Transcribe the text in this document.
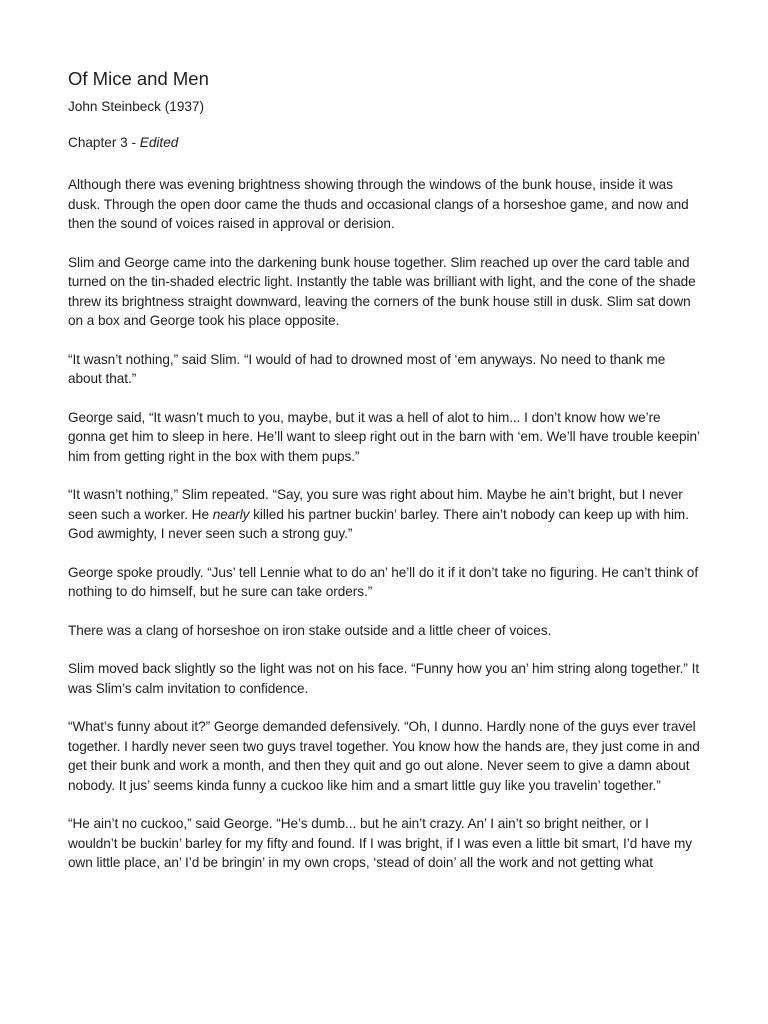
Of Mice and Men

John Steinbeck (1937)

Chapter 3 - Edited

Although there was evening brightness showing through the windows of the bunk house, inside it was dusk. Through the open door came the thuds and occasional clangs of a horseshoe game, and now and then the sound of voices raised in approval or derision.

Slim and George came into the darkening bunk house together. Slim reached up over the card table and turned on the tin-shaded electric light. Instantly the table was brilliant with light, and the cone of the shade threw its brightness straight downward, leaving the corners of the bunk house still in dusk. Slim sat down on a box and George took his place opposite.

“It wasn’t nothing,” said Slim. “I would of had to drowned most of ‘em anyways. No need to thank me about that.”

George said, “It wasn’t much to you, maybe, but it was a hell of alot to him... I don’t know how we’re gonna get him to sleep in here. He’ll want to sleep right out in the barn with ‘em. We’ll have trouble keepin’ him from getting right in the box with them pups.”

“It wasn’t nothing,” Slim repeated. “Say, you sure was right about him. Maybe he ain’t bright, but I never seen such a worker. He nearly killed his partner buckin’ barley. There ain’t nobody can keep up with him. God awmighty, I never seen such a strong guy.”

George spoke proudly. “Jus’ tell Lennie what to do an’ he’ll do it if it don’t take no figuring. He can’t think of nothing to do himself, but he sure can take orders.”

There was a clang of horseshoe on iron stake outside and a little cheer of voices.

Slim moved back slightly so the light was not on his face. “Funny how you an’ him string along together.” It was Slim’s calm invitation to confidence.

“What’s funny about it?” George demanded defensively. “Oh, I dunno. Hardly none of the guys ever travel together. I hardly never seen two guys travel together. You know how the hands are, they just come in and get their bunk and work a month, and then they quit and go out alone. Never seem to give a damn about nobody. It jus’ seems kinda funny a cuckoo like him and a smart little guy like you travelin’ together.”

“He ain’t no cuckoo,” said George. “He’s dumb... but he ain’t crazy. An’ I ain’t so bright neither, or I wouldn’t be buckin’ barley for my fifty and found. If I was bright, if I was even a little bit smart, I’d have my own little place, an’ I’d be bringin’ in my own crops, ‘stead of doin’ all the work and not getting what
